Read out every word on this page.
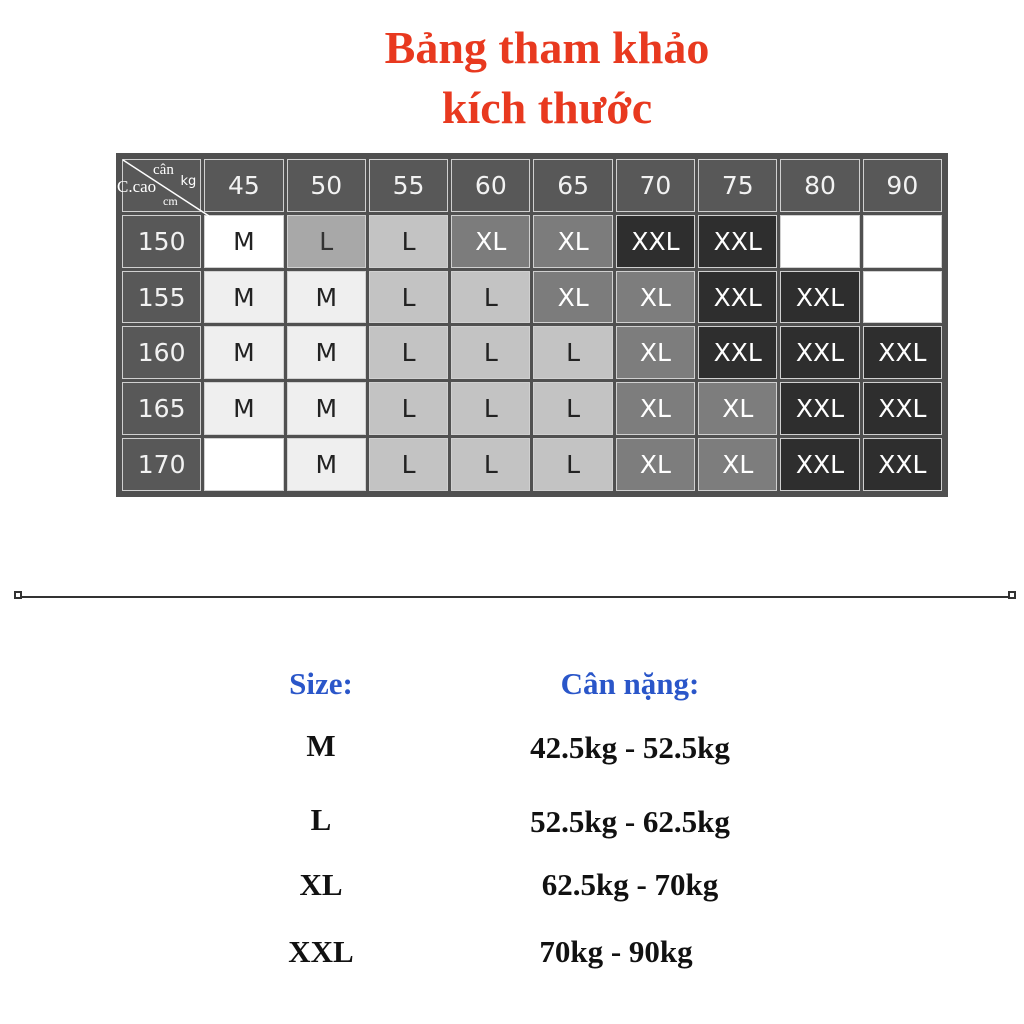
Bảng tham khảo
kích thước
cân
kg
C.cao
cm	45	50	55	60	65	70	75	80	90
150	M	L	L	XL	XL	XXL	XXL		
155	M	M	L	L	XL	XL	XXL	XXL	
160	M	M	L	L	L	XL	XXL	XXL	XXL
165	M	M	L	L	L	XL	XL	XXL	XXL
170		M	L	L	L	XL	XL	XXL	XXL
Size:	Cân nặng:
M	42.5kg - 52.5kg
L	52.5kg - 62.5kg
XL	62.5kg - 70kg
XXL	70kg - 90kg
